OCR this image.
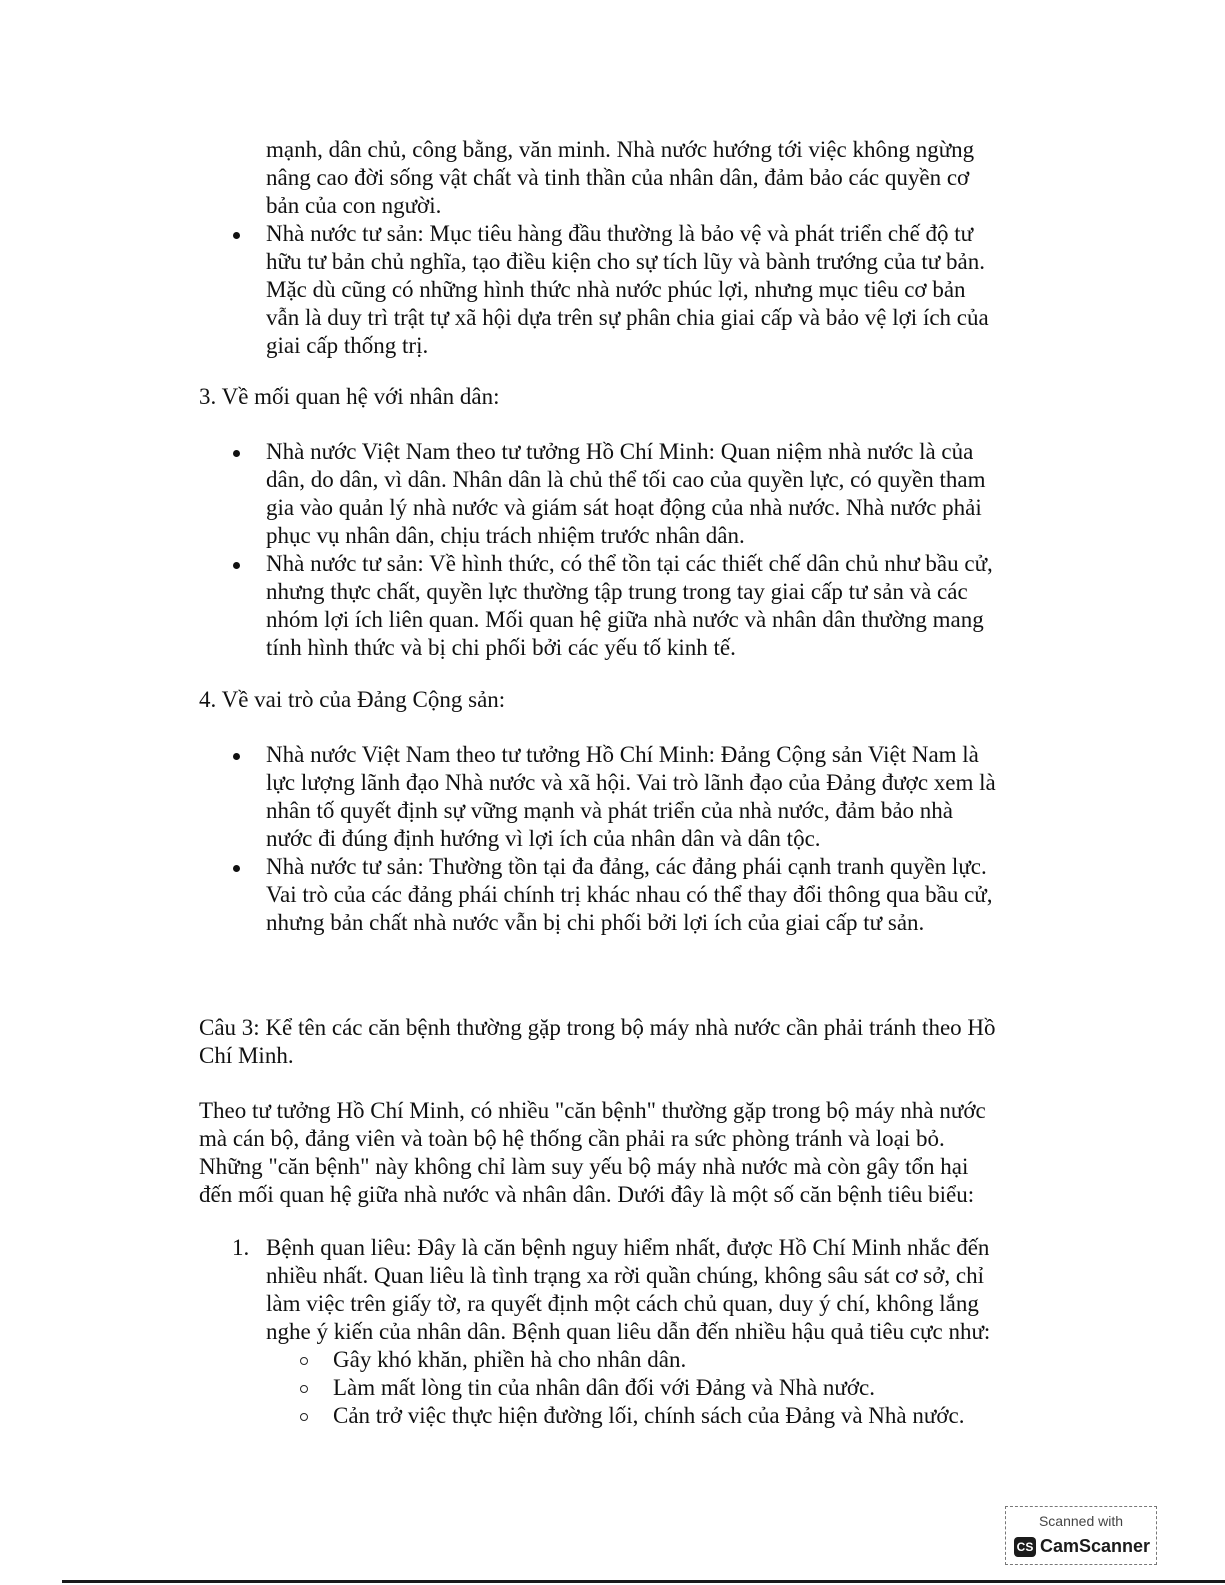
mạnh, dân chủ, công bằng, văn minh. Nhà nước hướng tới việc không ngừng
nâng cao đời sống vật chất và tinh thần của nhân dân, đảm bảo các quyền cơ
bản của con người.
Nhà nước tư sản: Mục tiêu hàng đầu thường là bảo vệ và phát triển chế độ tư
hữu tư bản chủ nghĩa, tạo điều kiện cho sự tích lũy và bành trướng của tư bản.
Mặc dù cũng có những hình thức nhà nước phúc lợi, nhưng mục tiêu cơ bản
vẫn là duy trì trật tự xã hội dựa trên sự phân chia giai cấp và bảo vệ lợi ích của
giai cấp thống trị.
3. Về mối quan hệ với nhân dân:
Nhà nước Việt Nam theo tư tưởng Hồ Chí Minh: Quan niệm nhà nước là của
dân, do dân, vì dân. Nhân dân là chủ thể tối cao của quyền lực, có quyền tham
gia vào quản lý nhà nước và giám sát hoạt động của nhà nước. Nhà nước phải
phục vụ nhân dân, chịu trách nhiệm trước nhân dân.
Nhà nước tư sản: Về hình thức, có thể tồn tại các thiết chế dân chủ như bầu cử,
nhưng thực chất, quyền lực thường tập trung trong tay giai cấp tư sản và các
nhóm lợi ích liên quan. Mối quan hệ giữa nhà nước và nhân dân thường mang
tính hình thức và bị chi phối bởi các yếu tố kinh tế.
4. Về vai trò của Đảng Cộng sản:
Nhà nước Việt Nam theo tư tưởng Hồ Chí Minh: Đảng Cộng sản Việt Nam là
lực lượng lãnh đạo Nhà nước và xã hội. Vai trò lãnh đạo của Đảng được xem là
nhân tố quyết định sự vững mạnh và phát triển của nhà nước, đảm bảo nhà
nước đi đúng định hướng vì lợi ích của nhân dân và dân tộc.
Nhà nước tư sản: Thường tồn tại đa đảng, các đảng phái cạnh tranh quyền lực.
Vai trò của các đảng phái chính trị khác nhau có thể thay đổi thông qua bầu cử,
nhưng bản chất nhà nước vẫn bị chi phối bởi lợi ích của giai cấp tư sản.
Câu 3: Kể tên các căn bệnh thường gặp trong bộ máy nhà nước cần phải tránh theo Hồ
Chí Minh.
Theo tư tưởng Hồ Chí Minh, có nhiều "căn bệnh" thường gặp trong bộ máy nhà nước
mà cán bộ, đảng viên và toàn bộ hệ thống cần phải ra sức phòng tránh và loại bỏ.
Những "căn bệnh" này không chỉ làm suy yếu bộ máy nhà nước mà còn gây tổn hại
đến mối quan hệ giữa nhà nước và nhân dân. Dưới đây là một số căn bệnh tiêu biểu:
1. Bệnh quan liêu: Đây là căn bệnh nguy hiểm nhất, được Hồ Chí Minh nhắc đến
nhiều nhất. Quan liêu là tình trạng xa rời quần chúng, không sâu sát cơ sở, chỉ
làm việc trên giấy tờ, ra quyết định một cách chủ quan, duy ý chí, không lắng
nghe ý kiến của nhân dân. Bệnh quan liêu dẫn đến nhiều hậu quả tiêu cực như:
Gây khó khăn, phiền hà cho nhân dân.
Làm mất lòng tin của nhân dân đối với Đảng và Nhà nước.
Cản trở việc thực hiện đường lối, chính sách của Đảng và Nhà nước.
Scanned with
CS CamScanner
